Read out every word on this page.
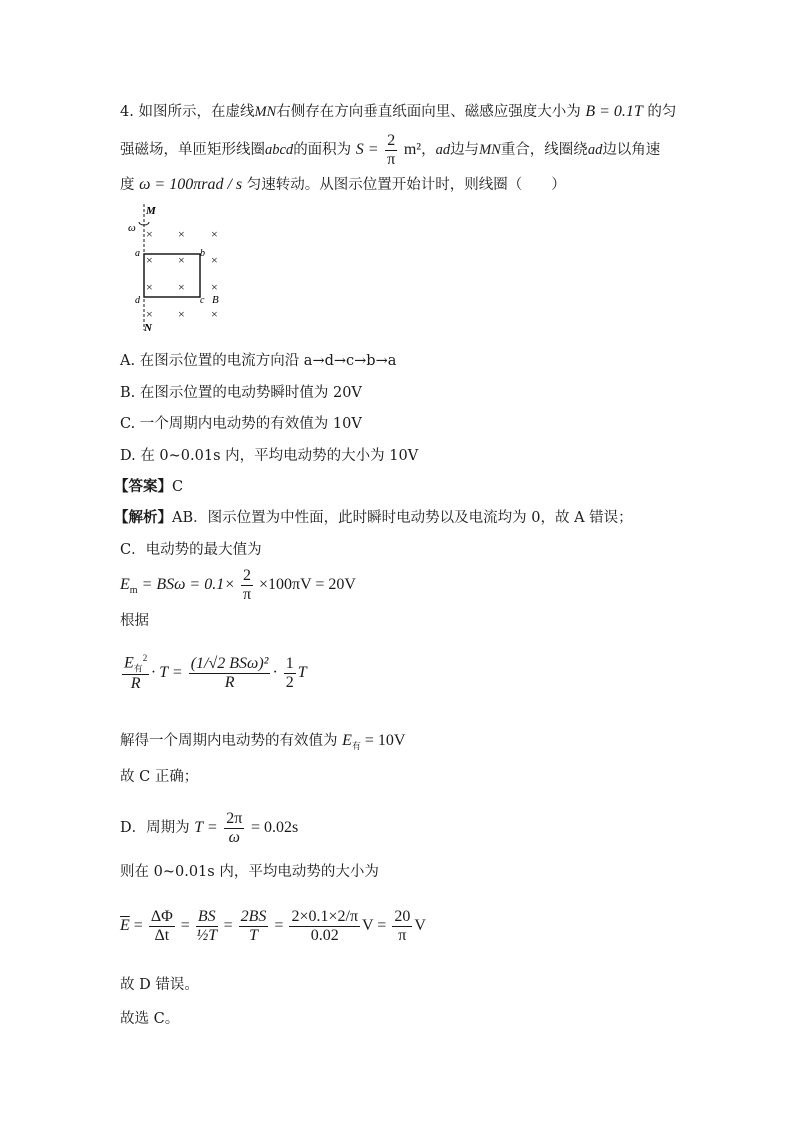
4. 如图所示，在虚线MN右侧存在方向垂直纸面向里、磁感应强度大小为 B = 0.1T 的匀
强磁场，单匝矩形线圈abcd的面积为 $S = \frac{2}{\pi} m^2$，ad边与MN重合，线圈绕ad边以角速
度 ω = 100πrad / s 匀速转动。从图示位置开始计时，则线圈（　　）
M
N
ω
a	b
c
d	B
× × ×
× × ×
× × ×
× × ×
A. 在图示位置的电流方向沿 a→d→c→b→a
B. 在图示位置的电动势瞬时值为 20V
C. 一个周期内电动势的有效值为 10V
D. 在 0~0.01s 内，平均电动势的大小为 10V
【答案】C
【解析】AB．图示位置为中性面，此时瞬时电动势以及电流均为 0，故 A 错误；
C．电动势的最大值为
$E_m = BS\omega = 0.1\times \frac{2}{\pi} \times 100\pi V = 20V$
根据
$\frac{E_有^2}{R} \cdot T = \frac{\text{(1/√2 BSω)²}}{R} \cdot \frac{1}{2}$ T
解得一个周期内电动势的有效值为 $E_有 = 10V$
故 C 正确；
D．周期为 $T = \frac{2\pi}{\omega} = 0.02s$
则在 0~0.01s 内，平均电动势的大小为
$\overline{E} = \frac{\Delta\Phi}{\Delta t} = \frac{BS}{\text{½T}} = \frac{2BS}{T} = \frac{2\times 0.1\times 2/\pi}{0.02}$ $V = \frac{20}{\pi}$ V
故 D 错误。
故选 C。
